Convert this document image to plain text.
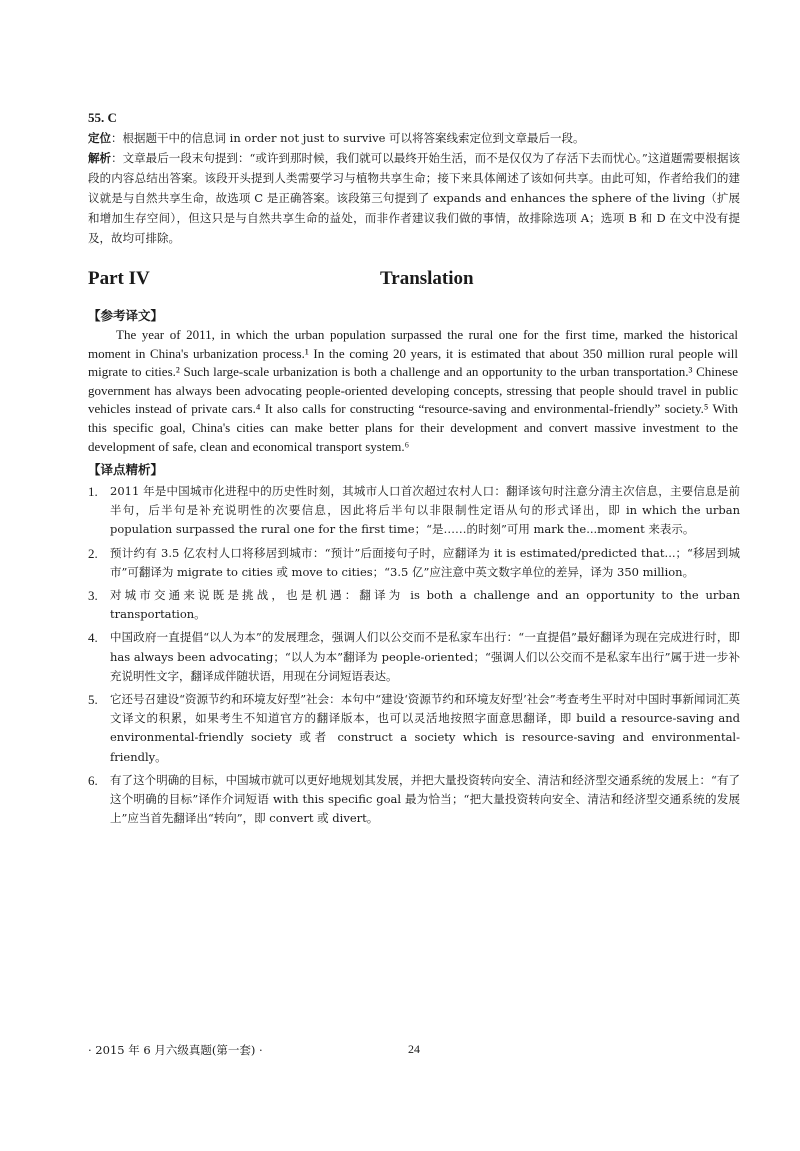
55. C

定位：根据题干中的信息词 in order not just to survive 可以将答案线索定位到文章最后一段。

解析：文章最后一段末句提到：“或许到那时候，我们就可以最终开始生活，而不是仅仅为了存活下去而忧心。”这道题需要根据该段的内容总结出答案。该段开头提到人类需要学习与植物共享生命；接下来具体阐述了该如何共享。由此可知，作者给我们的建议就是与自然共享生命，故选项 C 是正确答案。该段第三句提到了 expands and enhances the sphere of the living（扩展和增加生存空间），但这只是与自然共享生命的益处，而非作者建议我们做的事情，故排除选项 A；选项 B 和 D 在文中没有提及，故均可排除。

Part IV	Translation
【参考译文】

The year of 2011, in which the urban population surpassed the rural one for the first time, marked the historical moment in China's urbanization process.¹ In the coming 20 years, it is estimated that about 350 million rural people will migrate to cities.² Such large-scale urbanization is both a challenge and an opportunity to the urban transportation.³ Chinese government has always been advocating people-oriented developing concepts, stressing that people should travel in public vehicles instead of private cars.⁴ It also calls for constructing “resource-saving and environmental-friendly” society.⁵ With this specific goal, China's cities can make better plans for their development and convert massive investment to the development of safe, clean and economical transport system.⁶

【译点精析】
1. 2011 年是中国城市化进程中的历史性时刻，其城市人口首次超过农村人口：翻译该句时注意分清主次信息，主要信息是前半句，后半句是补充说明性的次要信息，因此将后半句以非限制性定语从句的形式译出，即 in which the urban population surpassed the rural one for the first time；“是……的时刻”可用 mark the...moment 来表示。
2. 预计约有 3.5 亿农村人口将移居到城市：“预计”后面接句子时，应翻译为 it is estimated/predicted that...；“移居到城市”可翻译为 migrate to cities 或 move to cities；“3.5 亿”应注意中英文数字单位的差异，译为 350 million。
3. 对城市交通来说既是挑战，也是机遇：翻译为 is both a challenge and an opportunity to the urban transportation。
4. 中国政府一直提倡“以人为本”的发展理念，强调人们以公交而不是私家车出行：“一直提倡”最好翻译为现在完成进行时，即 has always been advocating；“以人为本”翻译为 people-oriented；“强调人们以公交而不是私家车出行”属于进一步补充说明性文字，翻译成伴随状语，用现在分词短语表达。
5. 它还号召建设“资源节约和环境友好型”社会：本句中“建设‘资源节约和环境友好型’社会”考查考生平时对中国时事新闻词汇英文译文的积累，如果考生不知道官方的翻译版本，也可以灵活地按照字面意思翻译，即 build a resource-saving and environmental-friendly society 或者 construct a society which is resource-saving and environmental-friendly。
6. 有了这个明确的目标，中国城市就可以更好地规划其发展，并把大量投资转向安全、清洁和经济型交通系统的发展上：“有了这个明确的目标”译作介词短语 with this specific goal 最为恰当；“把大量投资转向安全、清洁和经济型交通系统的发展上”应当首先翻译出“转向”，即 convert 或 divert。
· 2015 年 6 月六级真题(第一套) ·	24
